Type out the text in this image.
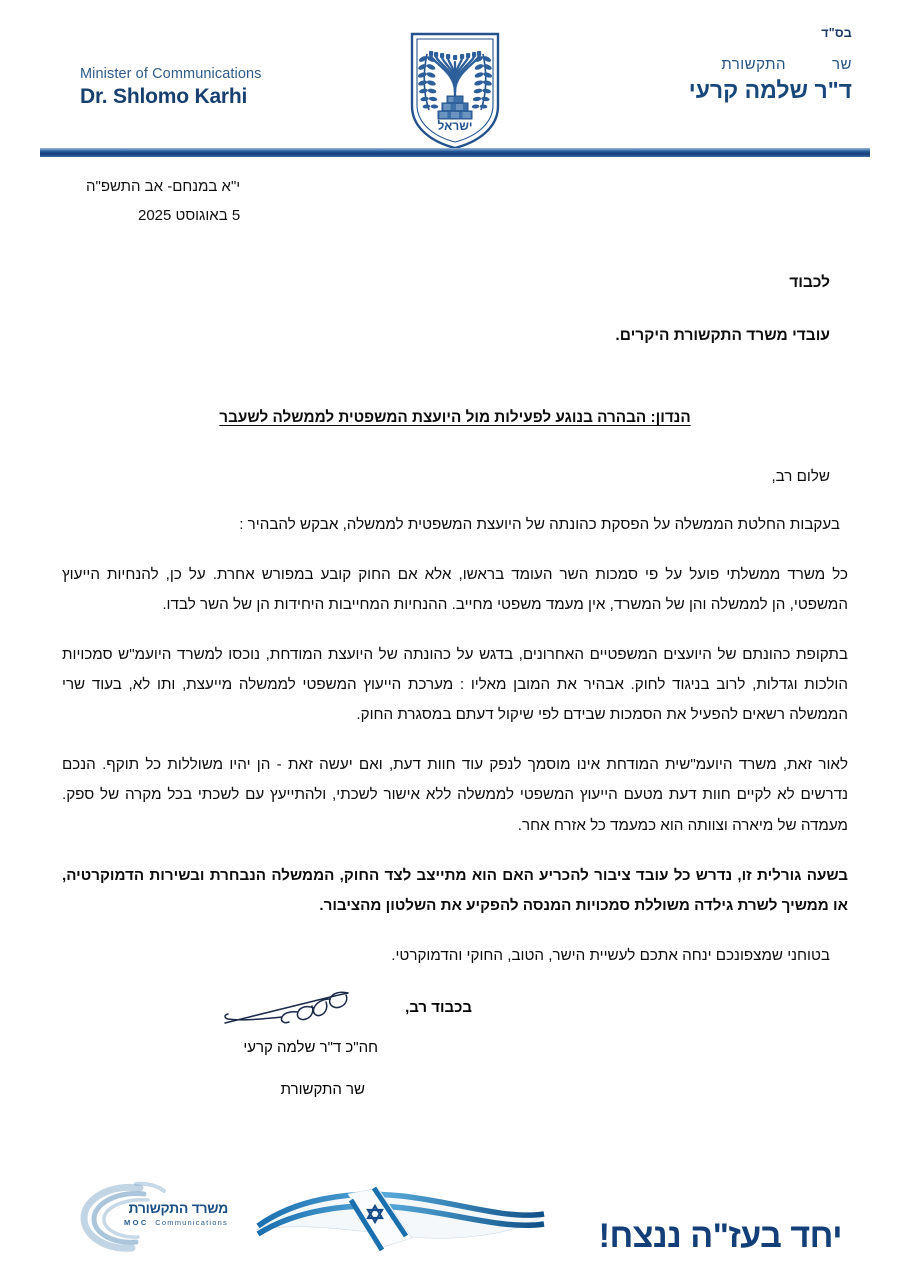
בס"ד
שר
התקשורת
ד"ר שלמה קרעי
Minister of Communications
Dr. Shlomo Karhi
ישראל
י"א במנחם- אב התשפ"ה
5 באוגוסט 2025
לכבוד
עובדי משרד התקשורת היקרים.
הנדון: הבהרה בנוגע לפעילות מול היועצת המשפטית לממשלה לשעבר
שלום רב,

בעקבות החלטת הממשלה על הפסקת כהונתה של היועצת המשפטית לממשלה, אבקש להבהיר :

כל משרד ממשלתי פועל על פי סמכות השר העומד בראשו, אלא אם החוק קובע במפורש אחרת. על כן, להנחיות הייעוץ המשפטי, הן לממשלה והן של המשרד, אין מעמד משפטי מחייב. ההנחיות המחייבות היחידות הן של השר לבדו.

בתקופת כהונתם של היועצים המשפטיים האחרונים, בדגש על כהונתה של היועצת המודחת, נוכסו למשרד היועמ"ש סמכויות הולכות וגדלות, לרוב בניגוד לחוק. אבהיר את המובן מאליו : מערכת הייעוץ המשפטי לממשלה מייעצת, ותו לא, בעוד שרי הממשלה רשאים להפעיל את הסמכות שבידם לפי שיקול דעתם במסגרת החוק.

לאור זאת, משרד היועמ"שית המודחת אינו מוסמך לנפק עוד חוות דעת, ואם יעשה זאת - הן יהיו משוללות כל תוקף. הנכם נדרשים לא לקיים חוות דעת מטעם הייעוץ המשפטי לממשלה ללא אישור לשכתי, ולהתייעץ עם לשכתי בכל מקרה של ספק. מעמדה של מיארה וצוותה הוא כמעמד כל אזרח אחר.

בשעה גורלית זו, נדרש כל עובד ציבור להכריע האם הוא מתייצב לצד החוק, הממשלה הנבחרת ובשירות הדמוקרטיה, או ממשיך לשרת גילדה משוללת סמכויות המנסה להפקיע את השלטון מהציבור.

בטוחני שמצפונכם ינחה אתכם לעשיית הישר, הטוב, החוקי והדמוקרטי.

בכבוד רב,
חה"כ ד"ר שלמה קרעי
שר התקשורת
משרד התקשורת
MOC Communications	יחד בעז"ה ננצח!
